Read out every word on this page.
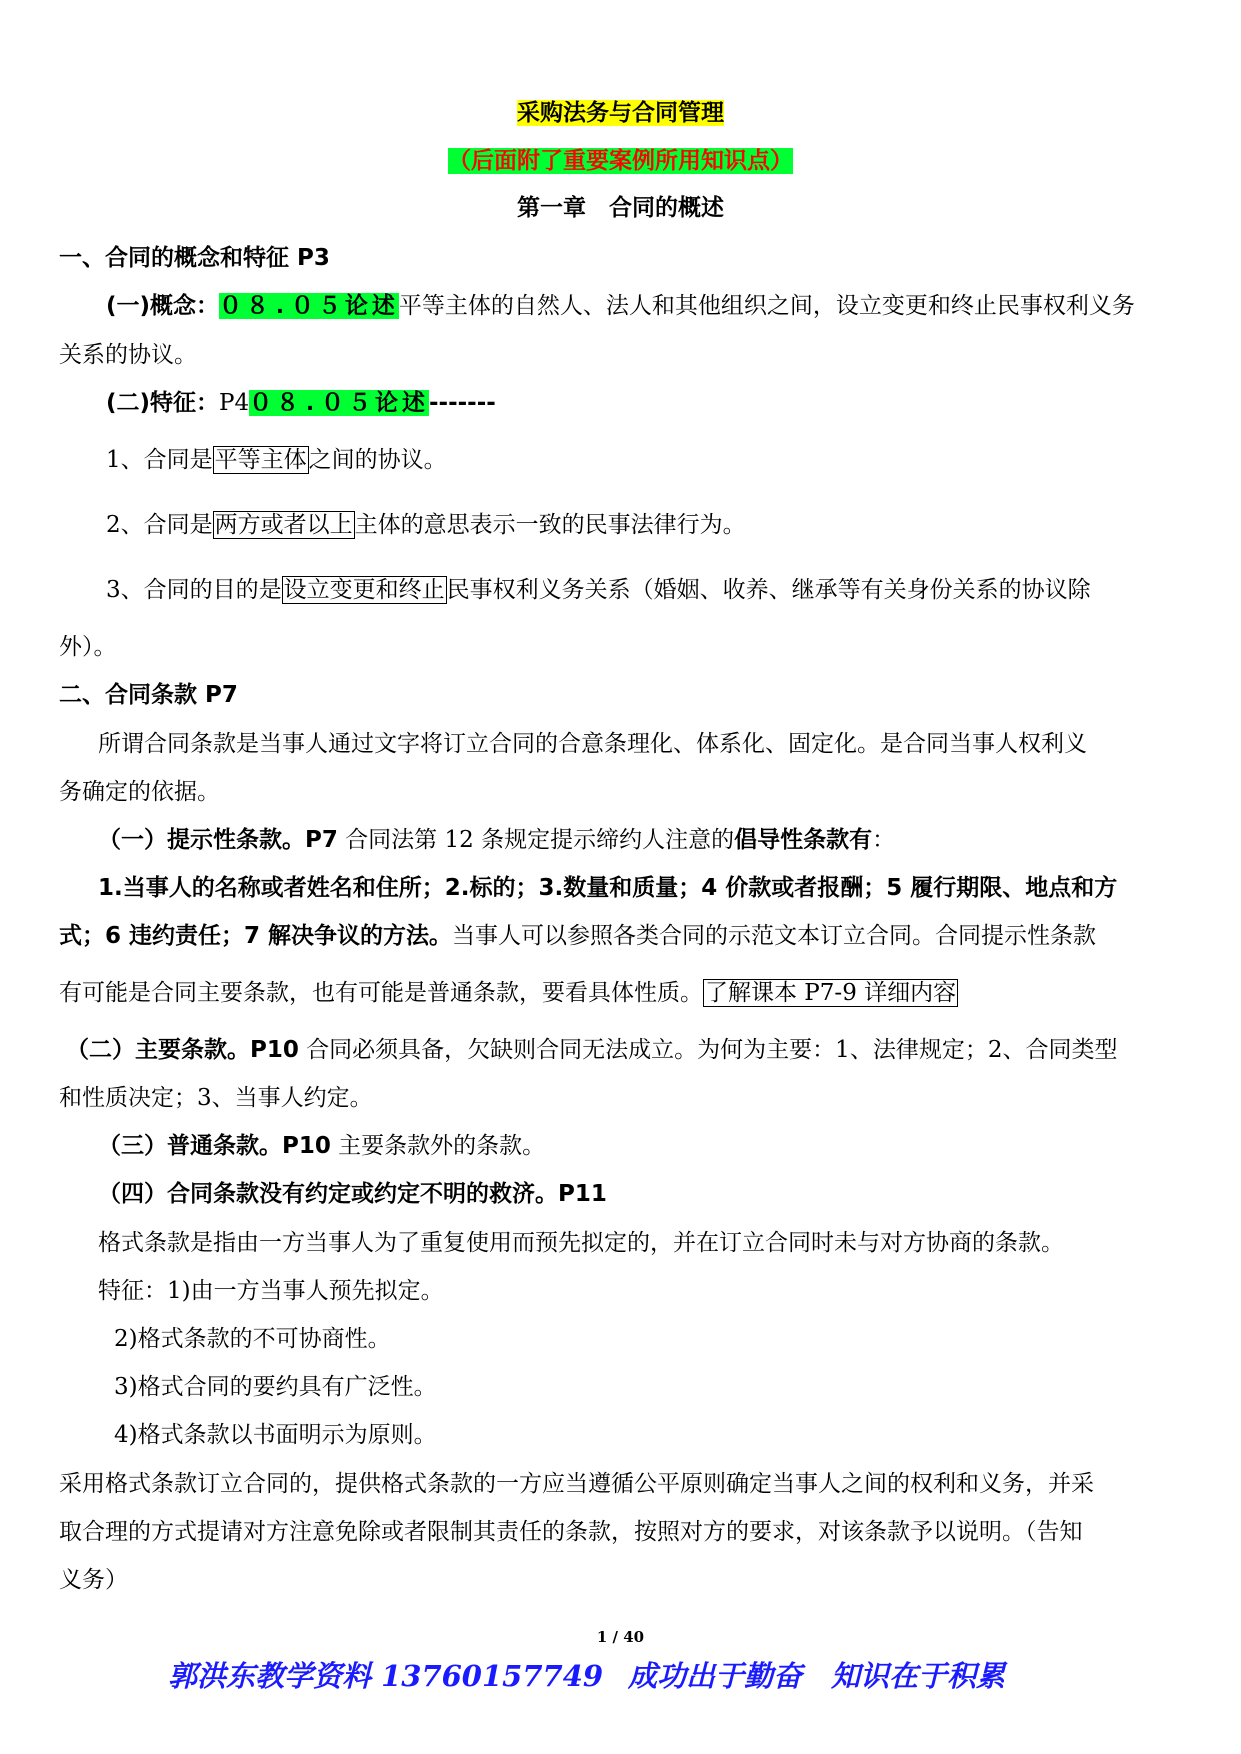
采购法务与合同管理
（后面附了重要案例所用知识点）
第一章　合同的概述
一、合同的概念和特征 P3
(一)概念：０８.０５论述平等主体的自然人、法人和其他组织之间，设立变更和终止民事权利义务
关系的协议。
(二)特征：P4０８.０５论述-------
1、合同是平等主体之间的协议。
2、合同是两方或者以上主体的意思表示一致的民事法律行为。
3、合同的目的是设立变更和终止民事权利义务关系（婚姻、收养、继承等有关身份关系的协议除
外）。
二、合同条款 P7
所谓合同条款是当事人通过文字将订立合同的合意条理化、体系化、固定化。是合同当事人权利义
务确定的依据。
（一）提示性条款。P7 合同法第 12 条规定提示缔约人注意的倡导性条款有：
1.当事人的名称或者姓名和住所；2.标的；3.数量和质量；4 价款或者报酬；5 履行期限、地点和方
式；6 违约责任；7 解决争议的方法。当事人可以参照各类合同的示范文本订立合同。合同提示性条款
有可能是合同主要条款，也有可能是普通条款，要看具体性质。了解课本 P7-9 详细内容
（二）主要条款。P10 合同必须具备，欠缺则合同无法成立。为何为主要：1、法律规定；2、合同类型
和性质决定；3、当事人约定。
（三）普通条款。P10 主要条款外的条款。
（四）合同条款没有约定或约定不明的救济。P11
格式条款是指由一方当事人为了重复使用而预先拟定的，并在订立合同时未与对方协商的条款。
特征：1)由一方当事人预先拟定。
2)格式条款的不可协商性。
3)格式合同的要约具有广泛性。
4)格式条款以书面明示为原则。
采用格式条款订立合同的，提供格式条款的一方应当遵循公平原则确定当事人之间的权利和义务，并采
取合理的方式提请对方注意免除或者限制其责任的条款，按照对方的要求，对该条款予以说明。（告知
义务）
1 / 40
郭洪东教学资料 13760157749 成功出于勤奋　知识在于积累
